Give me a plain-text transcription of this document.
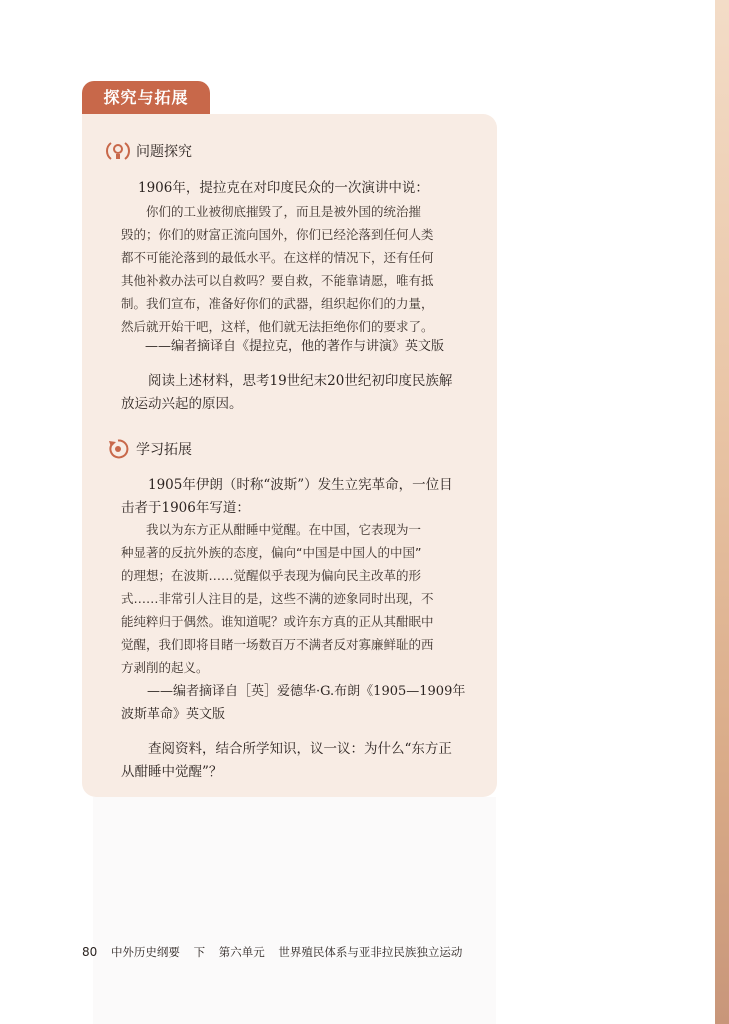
探究与拓展
问题探究
1906年，提拉克在对印度民众的一次演讲中说：

你们的工业被彻底摧毁了，而且是被外国的统治摧

毁的；你们的财富正流向国外，你们已经沦落到任何人类

都不可能沦落到的最低水平。在这样的情况下，还有任何

其他补救办法可以自救吗？要自救，不能靠请愿，唯有抵

制。我们宣布，准备好你们的武器，组织起你们的力量，

然后就开始干吧，这样，他们就无法拒绝你们的要求了。

——编者摘译自《提拉克，他的著作与讲演》英文版

阅读上述材料，思考19世纪末20世纪初印度民族解

放运动兴起的原因。

学习拓展

1905年伊朗（时称“波斯”）发生立宪革命，一位目

击者于1906年写道：

我以为东方正从酣睡中觉醒。在中国，它表现为一

种显著的反抗外族的态度，偏向“中国是中国人的中国”

的理想；在波斯……觉醒似乎表现为偏向民主改革的形

式……非常引人注目的是，这些不满的迹象同时出现，不

能纯粹归于偶然。谁知道呢？或许东方真的正从其酣眠中

觉醒，我们即将目睹一场数百万不满者反对寡廉鲜耻的西

方剥削的起义。

——编者摘译自［英］爱德华·G.布朗《1905—1909年

波斯革命》英文版

查阅资料，结合所学知识，议一议：为什么“东方正

从酣睡中觉醒”？

80 中外历史纲要 下 第六单元 世界殖民体系与亚非拉民族独立运动
